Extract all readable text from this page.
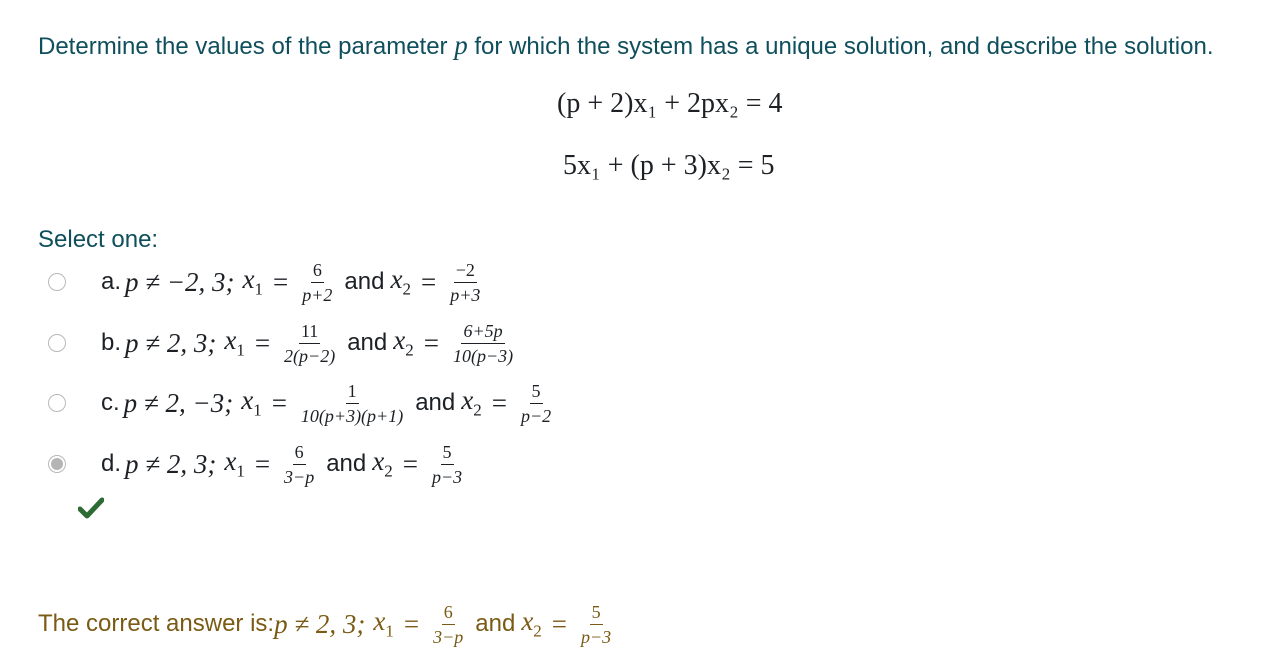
Determine the values of the parameter p for which the system has a unique solution, and describe the solution.
(p + 2)x₁ + 2px₂ = 4
5x₁ + (p + 3)x₂ = 5
Select one:
a. p ≠ −2, 3; $x_1 = \frac{6}{p+2}$ and $x_2 = \frac{-2}{p+3}$
b. p ≠ 2, 3; $x_1 = \frac{11}{2(p-2)}$ and $x_2 = \frac{6+5p}{10(p-3)}$
c. p ≠ 2, −3; $x_1 = \frac{1}{10(p+3)(p+1)}$ and $x_2 = \frac{5}{p-2}$
d. p ≠ 2, 3; $x_1 = \frac{6}{3-p}$ and $x_2 = \frac{5}{p-3}$
The correct answer is: p ≠ 2, 3; $x_1 = \frac{6}{3-p}$ and $x_2 = \frac{5}{p-3}$
